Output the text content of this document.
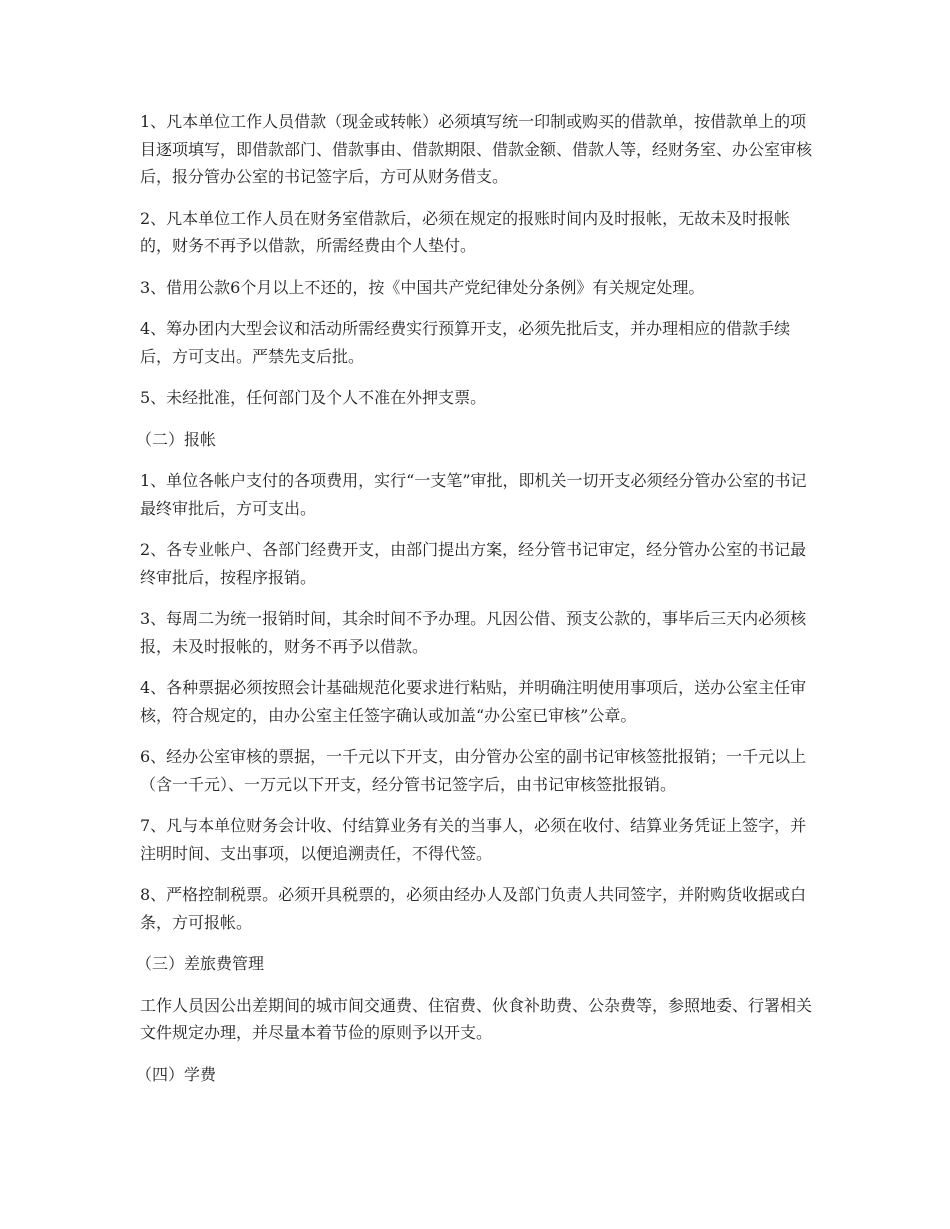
1、凡本单位工作人员借款（现金或转帐）必须填写统一印制或购买的借款单，按借款单上的项目逐项填写，即借款部门、借款事由、借款期限、借款金额、借款人等，经财务室、办公室审核后，报分管办公室的书记签字后，方可从财务借支。

2、凡本单位工作人员在财务室借款后，必须在规定的报账时间内及时报帐，无故未及时报帐的，财务不再予以借款，所需经费由个人垫付。

3、借用公款6个月以上不还的，按《中国共产党纪律处分条例》有关规定处理。

4、筹办团内大型会议和活动所需经费实行预算开支，必须先批后支，并办理相应的借款手续后，方可支出。严禁先支后批。

5、未经批准，任何部门及个人不准在外押支票。

（二）报帐

1、单位各帐户支付的各项费用，实行“一支笔”审批，即机关一切开支必须经分管办公室的书记最终审批后，方可支出。

2、各专业帐户、各部门经费开支，由部门提出方案，经分管书记审定，经分管办公室的书记最终审批后，按程序报销。

3、每周二为统一报销时间，其余时间不予办理。凡因公借、预支公款的，事毕后三天内必须核报，未及时报帐的，财务不再予以借款。

4、各种票据必须按照会计基础规范化要求进行粘贴，并明确注明使用事项后，送办公室主任审核，符合规定的，由办公室主任签字确认或加盖“办公室已审核”公章。

6、经办公室审核的票据，一千元以下开支，由分管办公室的副书记审核签批报销；一千元以上（含一千元）、一万元以下开支，经分管书记签字后，由书记审核签批报销。

7、凡与本单位财务会计收、付结算业务有关的当事人，必须在收付、结算业务凭证上签字，并注明时间、支出事项，以便追溯责任，不得代签。

8、严格控制税票。必须开具税票的，必须由经办人及部门负责人共同签字，并附购货收据或白条，方可报帐。

（三）差旅费管理

工作人员因公出差期间的城市间交通费、住宿费、伙食补助费、公杂费等，参照地委、行署相关文件规定办理，并尽量本着节俭的原则予以开支。

（四）学费
